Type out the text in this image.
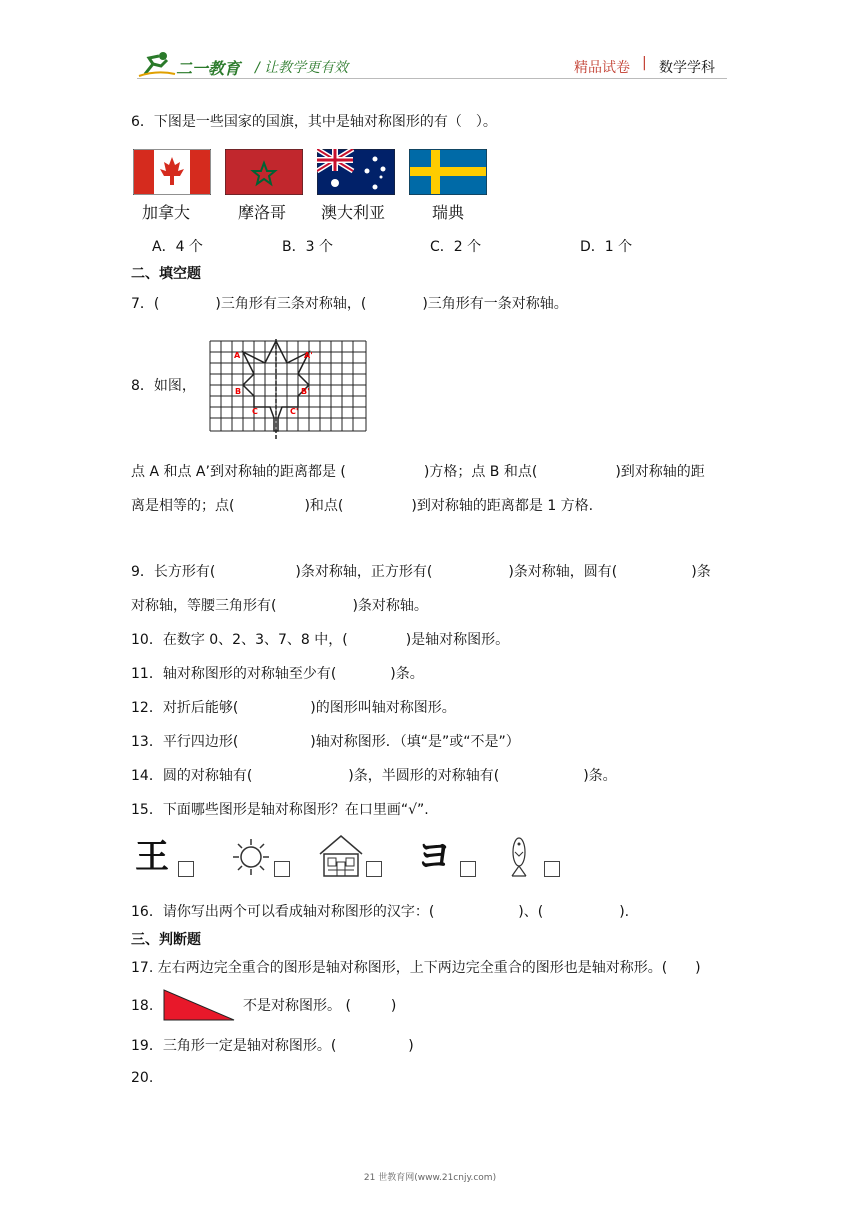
二一教育 / 让教学更有效	精品试卷 | 数学学科
6．下图是一些国家的国旗，其中是轴对称图形的有（　）。
加拿大	摩洛哥 澳大利亚	瑞典
A．4 个	B．3 个	C．2 个	D．1 个
二、填空题
7．(	)三角形有三条对称轴，(	)三角形有一条对称轴。
8．如图，
A	A'
B	B'
C	C'
点 A 和点 A’到对称轴的距离都是 (	)方格；点 B 和点(	)到对称轴的距
离是相等的；点(	)和点(	)到对称轴的距离都是 1 方格.
9．长方形有(	)条对称轴，正方形有(	)条对称轴，圆有(	)条
对称轴，等腰三角形有(	)条对称轴。
10．在数字 0、2、3、7、8 中，(	)是轴对称图形。
11．轴对称图形的对称轴至少有(	)条。
12．对折后能够(	)的图形叫轴对称图形。
13．平行四边形(	)轴对称图形．（填“是”或“不是”）
14．圆的对称轴有(	)条，半圆形的对称轴有(	)条。
15．下面哪些图形是轴对称图形？在口里画“√”.
王	ヨ
16．请你写出两个可以看成轴对称图形的汉字：(	)、(	).
三、判断题
17. 左右两边完全重合的图形是轴对称图形，上下两边完全重合的图形也是轴对称形。(　　)
18.	不是对称图形。 (	)
19．三角形一定是轴对称图形。(	)
20.
21 世教育网(www.21cnjy.com)
